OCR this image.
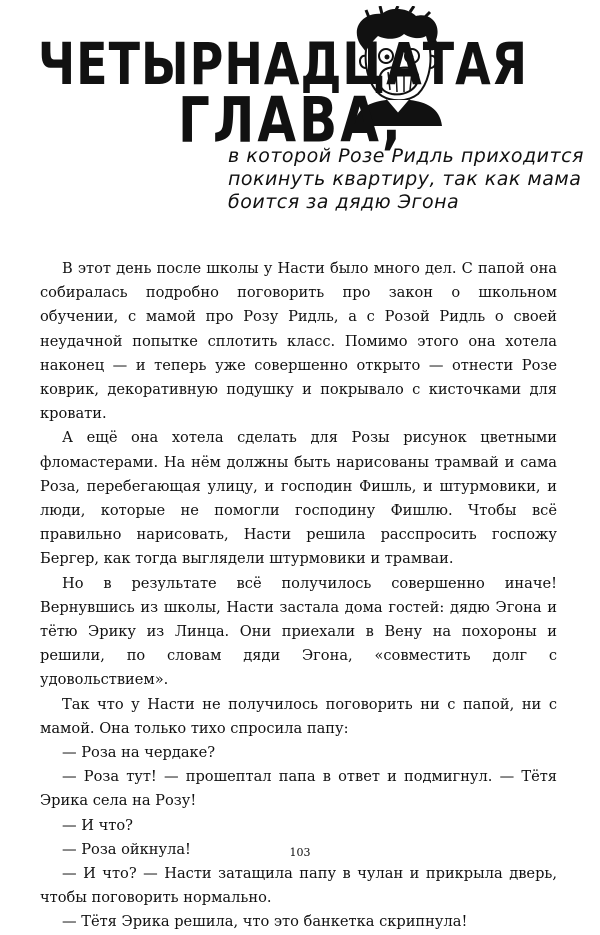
ЧЕТЫРНАДЦАТАЯ
ГЛАВА,
в которой Розе Ридль приходится
покинуть квартиру, так как мама
боится за дядю Эгона

В этот день после школы у Насти было много дел. С папой она собиралась подробно поговорить про закон о школьном обучении, с мамой про Розу Ридль, а с Розой Ридль о своей неудачной попытке сплотить класс. Помимо этого она хотела наконец — и теперь уже совершенно открыто — отнести Розе коврик, декоративную подушку и покрывало с кисточками для кровати.

А ещё она хотела сделать для Розы рисунок цветными фломастерами. На нём должны быть нарисованы трамвай и сама Роза, перебегающая улицу, и господин Фишль, и штурмовики, и люди, которые не помогли господину Фишлю. Чтобы всё правильно нарисовать, Насти решила расспросить госпожу Бергер, как тогда выглядели штурмовики и трамваи.

Но в результате всё получилось совершенно иначе! Вернувшись из школы, Насти застала дома гостей: дядю Эгона и тётю Эрику из Линца. Они приехали в Вену на похороны и решили, по словам дяди Эгона, «совместить долг с удовольствием».

Так что у Насти не получилось поговорить ни с папой, ни с мамой. Она только тихо спросила папу:

— Роза на чердаке?

— Роза тут! — прошептал папа в ответ и подмигнул. — Тётя Эрика села на Розу!

— И что?

— Роза ойкнула!

— И что? — Насти затащила папу в чулан и прикрыла дверь, чтобы поговорить нормально.

— Тётя Эрика решила, что это банкетка скрипнула!

103
